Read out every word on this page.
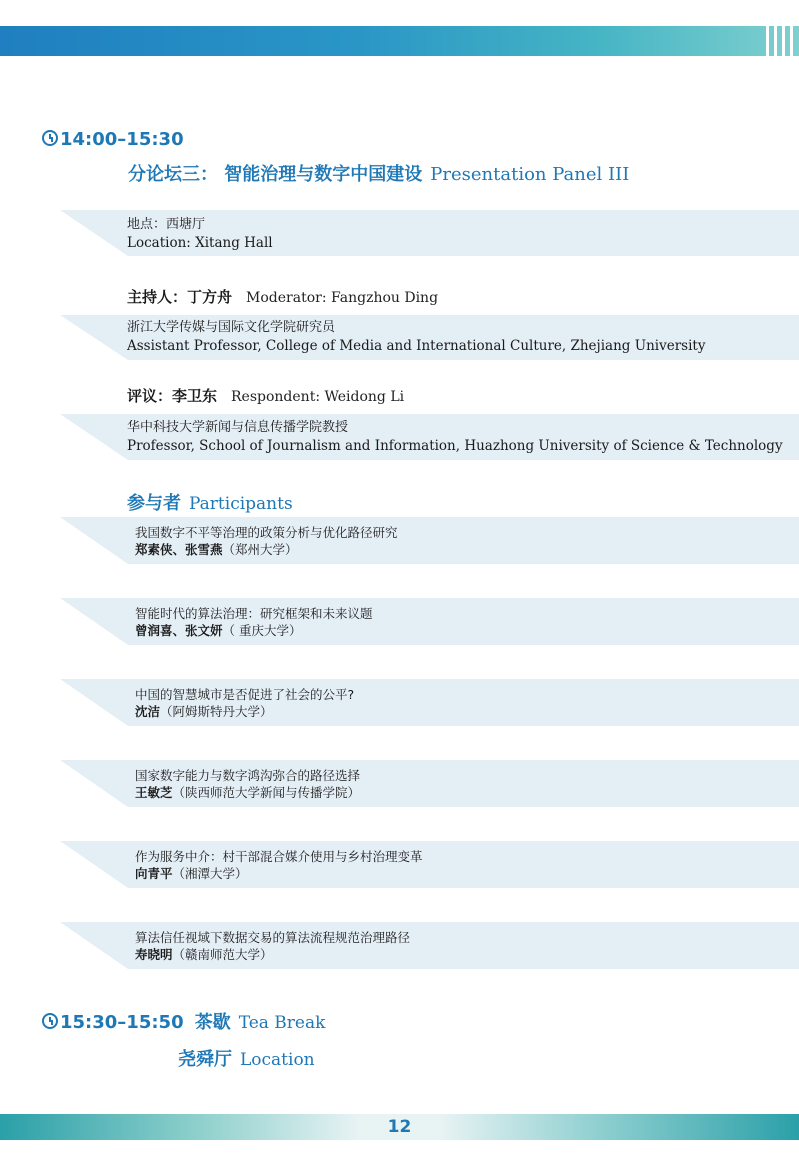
14:00–15:30
分论坛三： 智能治理与数字中国建设 Presentation Panel III
地点：西塘厅
Location: Xitang Hall
主持人：丁方舟 Moderator: Fangzhou Ding
浙江大学传媒与国际文化学院研究员
Assistant Professor, College of Media and International Culture, Zhejiang University
评议：李卫东 Respondent: Weidong Li
华中科技大学新闻与信息传播学院教授
Professor, School of Journalism and Information, Huazhong University of Science & Technology
参与者 Participants
我国数字不平等治理的政策分析与优化路径研究
郑素侠、张雪燕（郑州大学）
智能时代的算法治理：研究框架和未来议题
曾润喜、张文妍（ 重庆大学）
中国的智慧城市是否促进了社会的公平?
沈洁（阿姆斯特丹大学）
国家数字能力与数字鸿沟弥合的路径选择
王敏芝（陕西师范大学新闻与传播学院）
作为服务中介：村干部混合媒介使用与乡村治理变革
向青平（湘潭大学）
算法信任视域下数据交易的算法流程规范治理路径
寿晓明（赣南师范大学）
15:30–15:50 茶歇 Tea Break
尧舜厅 Location
12
